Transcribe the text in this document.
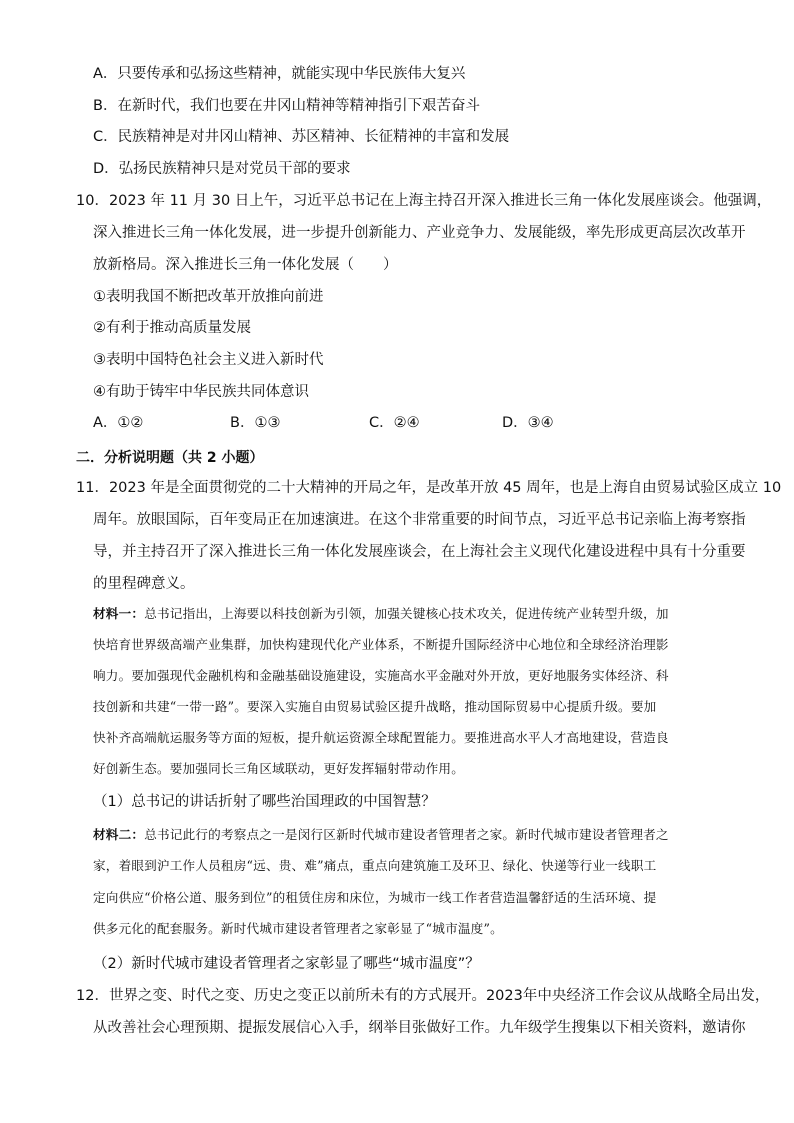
A．只要传承和弘扬这些精神，就能实现中华民族伟大复兴
B．在新时代，我们也要在井冈山精神等精神指引下艰苦奋斗
C．民族精神是对井冈山精神、苏区精神、长征精神的丰富和发展
D．弘扬民族精神只是对党员干部的要求
10．2023 年 11 月 30 日上午，习近平总书记在上海主持召开深入推进长三角一体化发展座谈会。他强调，
深入推进长三角一体化发展，进一步提升创新能力、产业竞争力、发展能级，率先形成更高层次改革开
放新格局。深入推进长三角一体化发展（　　）
①表明我国不断把改革开放推向前进
②有利于推动高质量发展
③表明中国特色社会主义进入新时代
④有助于铸牢中华民族共同体意识
A．①②	B．①③	C．②④	D．③④
二．分析说明题（共 2 小题）
11．2023 年是全面贯彻党的二十大精神的开局之年，是改革开放 45 周年，也是上海自由贸易试验区成立 10
周年。放眼国际，百年变局正在加速演进。在这个非常重要的时间节点，习近平总书记亲临上海考察指
导，并主持召开了深入推进长三角一体化发展座谈会，在上海社会主义现代化建设进程中具有十分重要
的里程碑意义。
材料一：总书记指出，上海要以科技创新为引领，加强关键核心技术攻关，促进传统产业转型升级，加
快培育世界级高端产业集群，加快构建现代化产业体系，不断提升国际经济中心地位和全球经济治理影
响力。要加强现代金融机构和金融基础设施建设，实施高水平金融对外开放，更好地服务实体经济、科
技创新和共建“一带一路”。要深入实施自由贸易试验区提升战略，推动国际贸易中心提质升级。要加
快补齐高端航运服务等方面的短板，提升航运资源全球配置能力。要推进高水平人才高地建设，营造良
好创新生态。要加强同长三角区域联动，更好发挥辐射带动作用。
（1）总书记的讲话折射了哪些治国理政的中国智慧？
材料二：总书记此行的考察点之一是闵行区新时代城市建设者管理者之家。新时代城市建设者管理者之
家，着眼到沪工作人员租房“远、贵、难”痛点，重点向建筑施工及环卫、绿化、快递等行业一线职工
定向供应“价格公道、服务到位”的租赁住房和床位，为城市一线工作者营造温馨舒适的生活环境、提
供多元化的配套服务。新时代城市建设者管理者之家彰显了“城市温度”。
（2）新时代城市建设者管理者之家彰显了哪些“城市温度”？
12．世界之变、时代之变、历史之变正以前所未有的方式展开。2023年中央经济工作会议从战略全局出发，
从改善社会心理预期、提振发展信心入手，纲举目张做好工作。九年级学生搜集以下相关资料，邀请你
